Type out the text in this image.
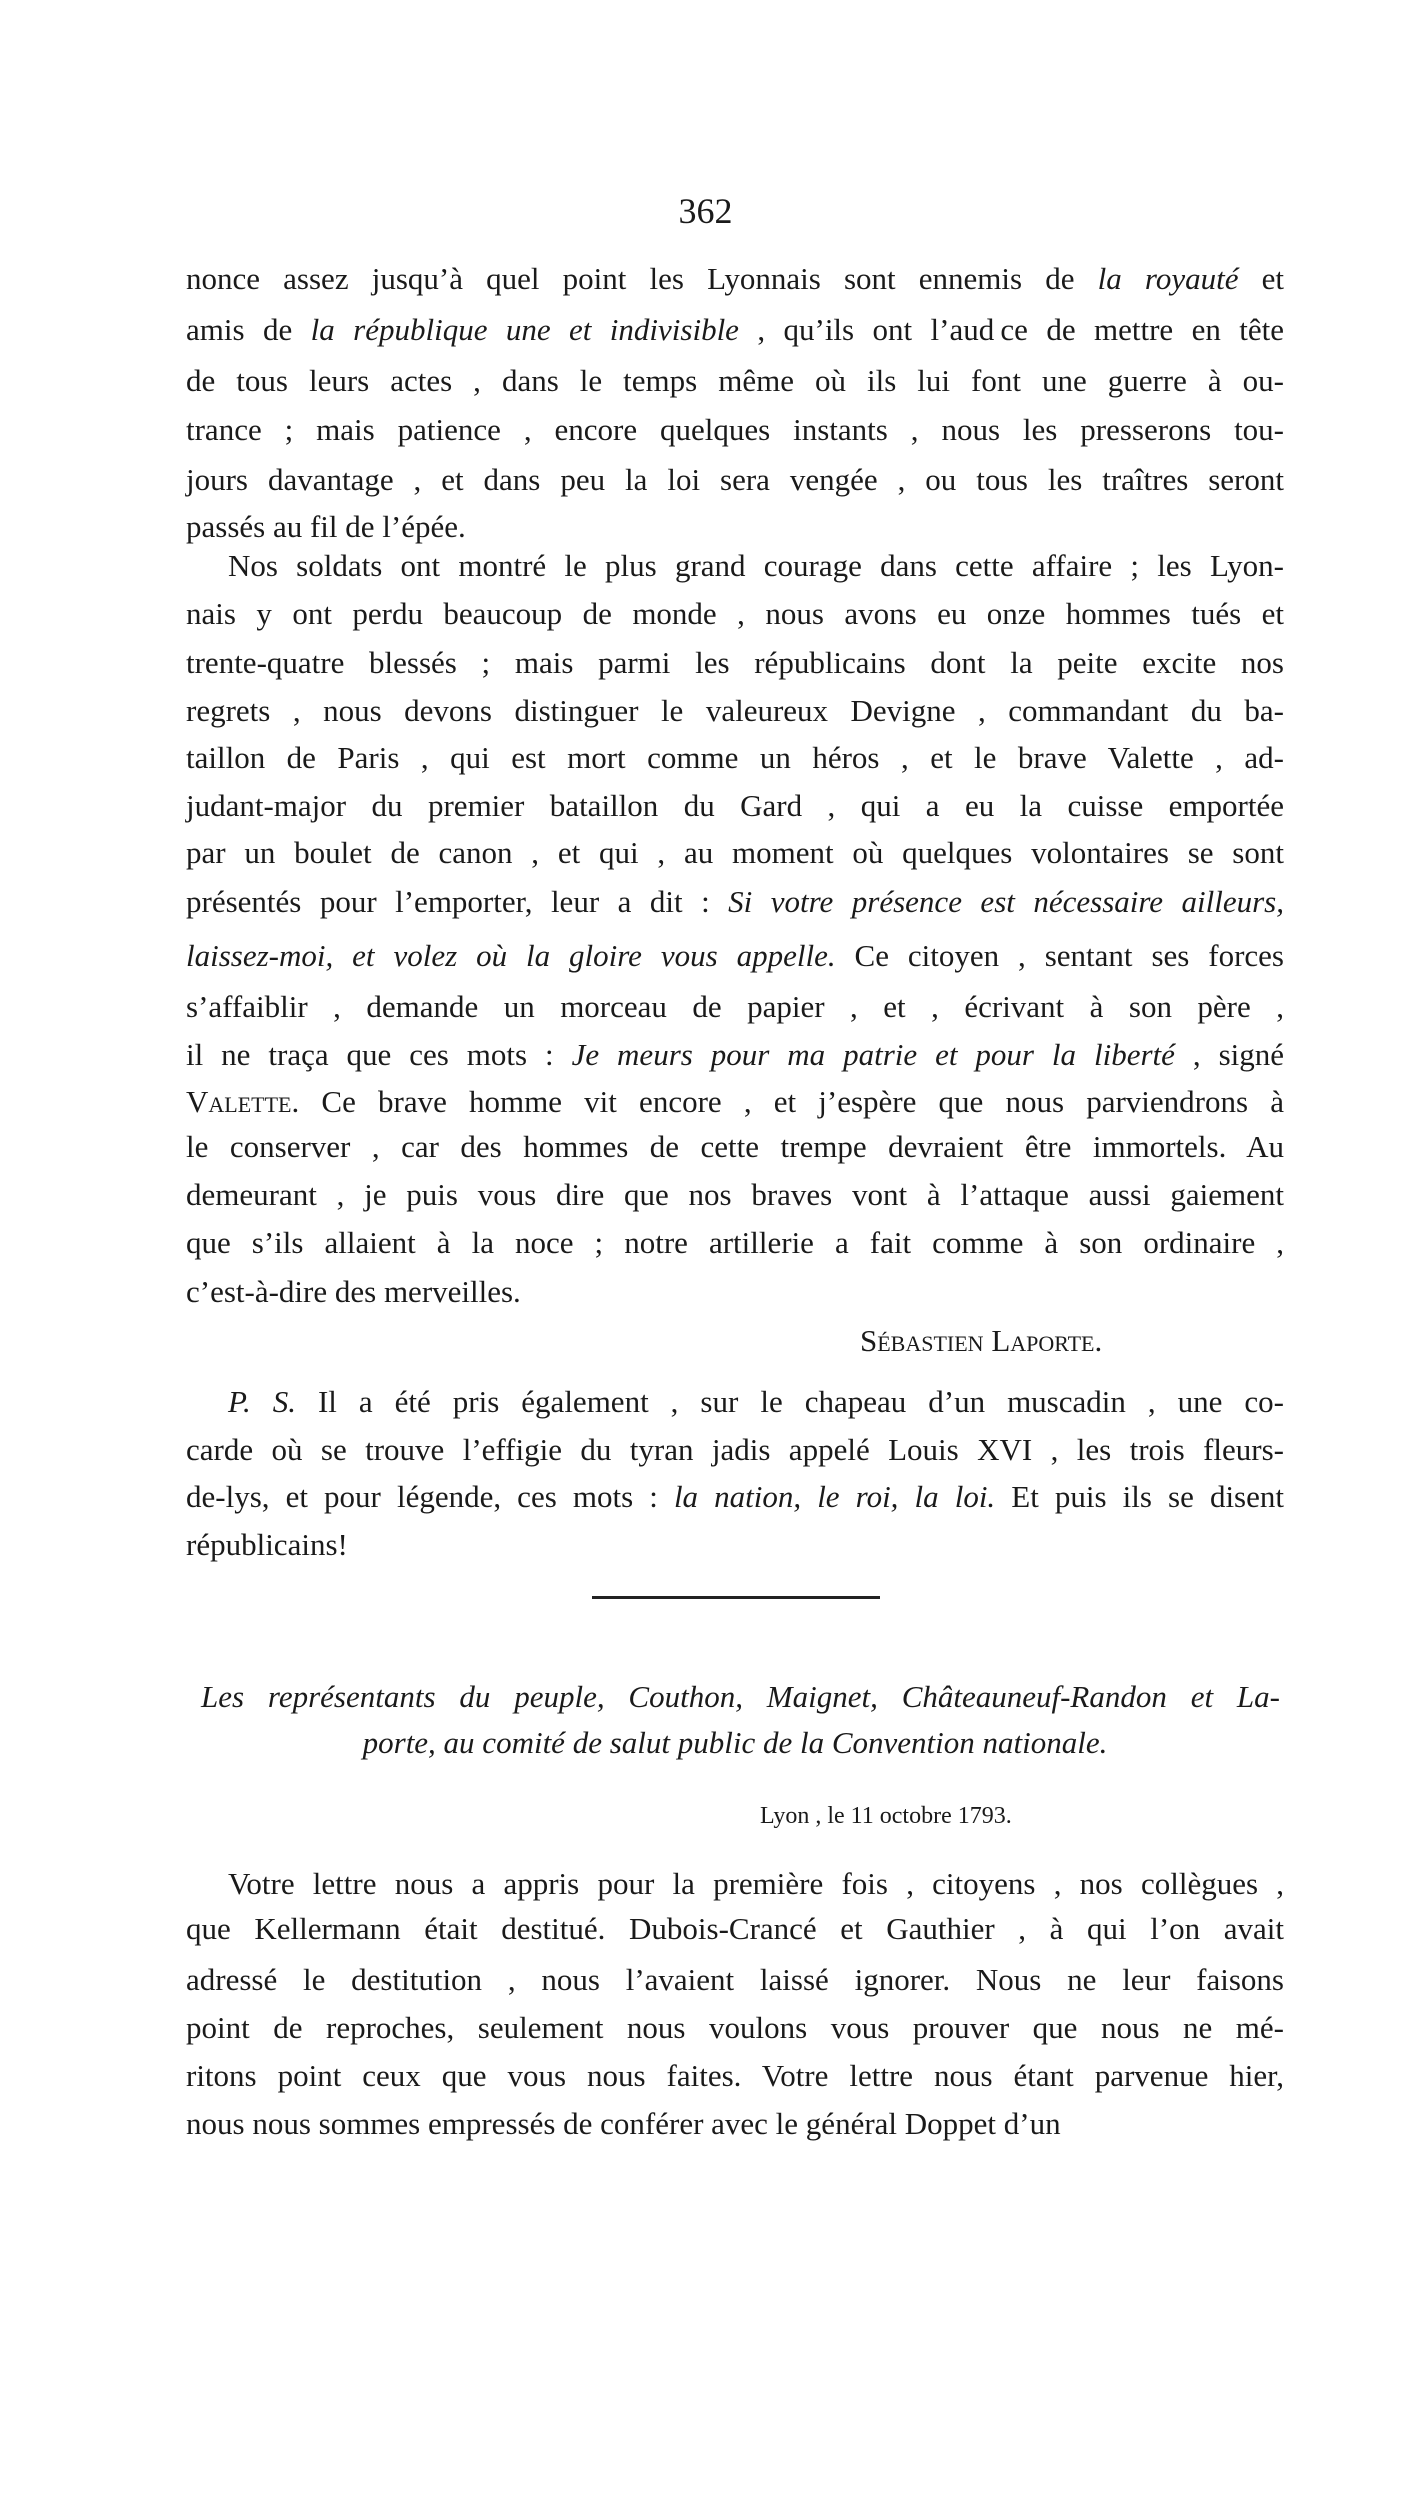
362
nonce assez jusqu’à quel point les Lyonnais sont ennemis de la royauté et
amis de la république une et indivisible , qu’ils ont l’aud ce de mettre en tête
de tous leurs actes , dans le temps même où ils lui font une guerre à ou-
trance ; mais patience , encore quelques instants , nous les presserons tou-
jours davantage , et dans peu la loi sera vengée , ou tous les traîtres seront
passés au fil de l’épée.
Nos soldats ont montré le plus grand courage dans cette affaire ; les Lyon-
nais y ont perdu beaucoup de monde , nous avons eu onze hommes tués et
trente-quatre blessés ; mais parmi les républicains dont la peite excite nos
regrets , nous devons distinguer le valeureux Devigne , commandant du ba-
taillon de Paris , qui est mort comme un héros , et le brave Valette , ad-
judant-major du premier bataillon du Gard , qui a eu la cuisse emportée
par un boulet de canon , et qui , au moment où quelques volontaires se sont
présentés pour l’emporter, leur a dit : Si votre présence est nécessaire ailleurs,
laissez-moi, et volez où la gloire vous appelle. Ce citoyen , sentant ses forces
s’affaiblir , demande un morceau de papier , et , écrivant à son père ,
il ne traça que ces mots : Je meurs pour ma patrie et pour la liberté , signé
Valette. Ce brave homme vit encore , et j’espère que nous parviendrons à
le conserver , car des hommes de cette trempe devraient être immortels. Au
demeurant , je puis vous dire que nos braves vont à l’attaque aussi gaiement
que s’ils allaient à la noce ; notre artillerie a fait comme à son ordinaire ,
c’est-à-dire des merveilles.
Sébastien Laporte.
P. S. Il a été pris également , sur le chapeau d’un muscadin , une co-
carde où se trouve l’effigie du tyran jadis appelé Louis XVI , les trois fleurs-
de-lys, et pour légende, ces mots : la nation, le roi, la loi. Et puis ils se disent
républicains!
Les représentants du peuple, Couthon, Maignet, Châteauneuf-Randon et La-
porte, au comité de salut public de la Convention nationale.
Lyon , le 11 octobre 1793.
Votre lettre nous a appris pour la première fois , citoyens , nos collègues ,
que Kellermann était destitué. Dubois-Crancé et Gauthier , à qui l’on avait
adressé le destitution , nous l’avaient laissé ignorer. Nous ne leur faisons
point de reproches, seulement nous voulons vous prouver que nous ne mé-
ritons point ceux que vous nous faites. Votre lettre nous étant parvenue hier,
nous nous sommes empressés de conférer avec le général Doppet d’un
